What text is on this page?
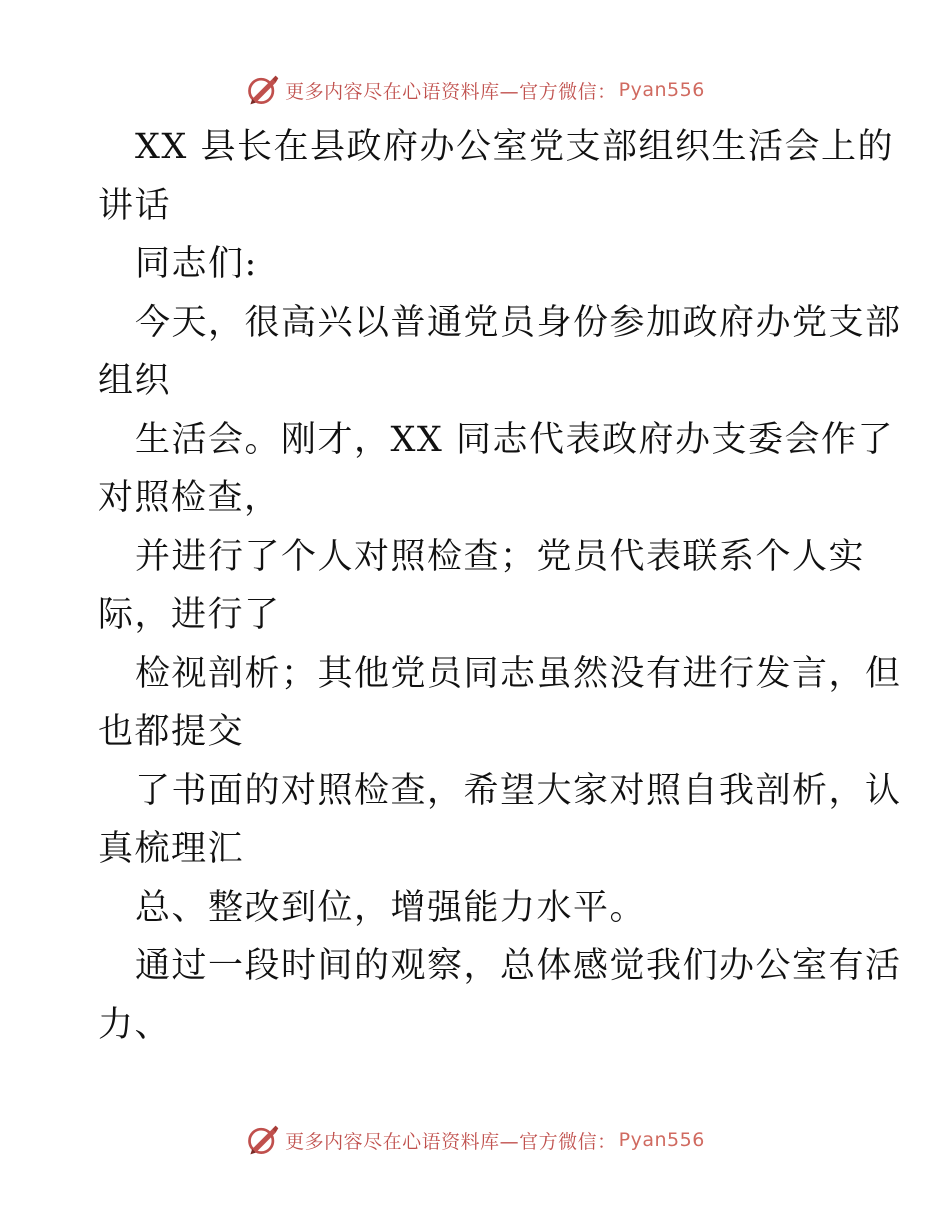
更多内容尽在心语资料库—官方微信： Pyan556
XX 县长在县政府办公室党支部组织生活会上的
讲话
同志们:
今天，很高兴以普通党员身份参加政府办党支部
组织
生活会。刚才，XX 同志代表政府办支委会作了
对照检查，
并进行了个人对照检查；党员代表联系个人实
际，进行了
检视剖析；其他党员同志虽然没有进行发言，但
也都提交
了书面的对照检查，希望大家对照自我剖析，认
真梳理汇
总、整改到位，增强能力水平。
通过一段时间的观察，总体感觉我们办公室有活
力、
更多内容尽在心语资料库—官方微信： Pyan556
